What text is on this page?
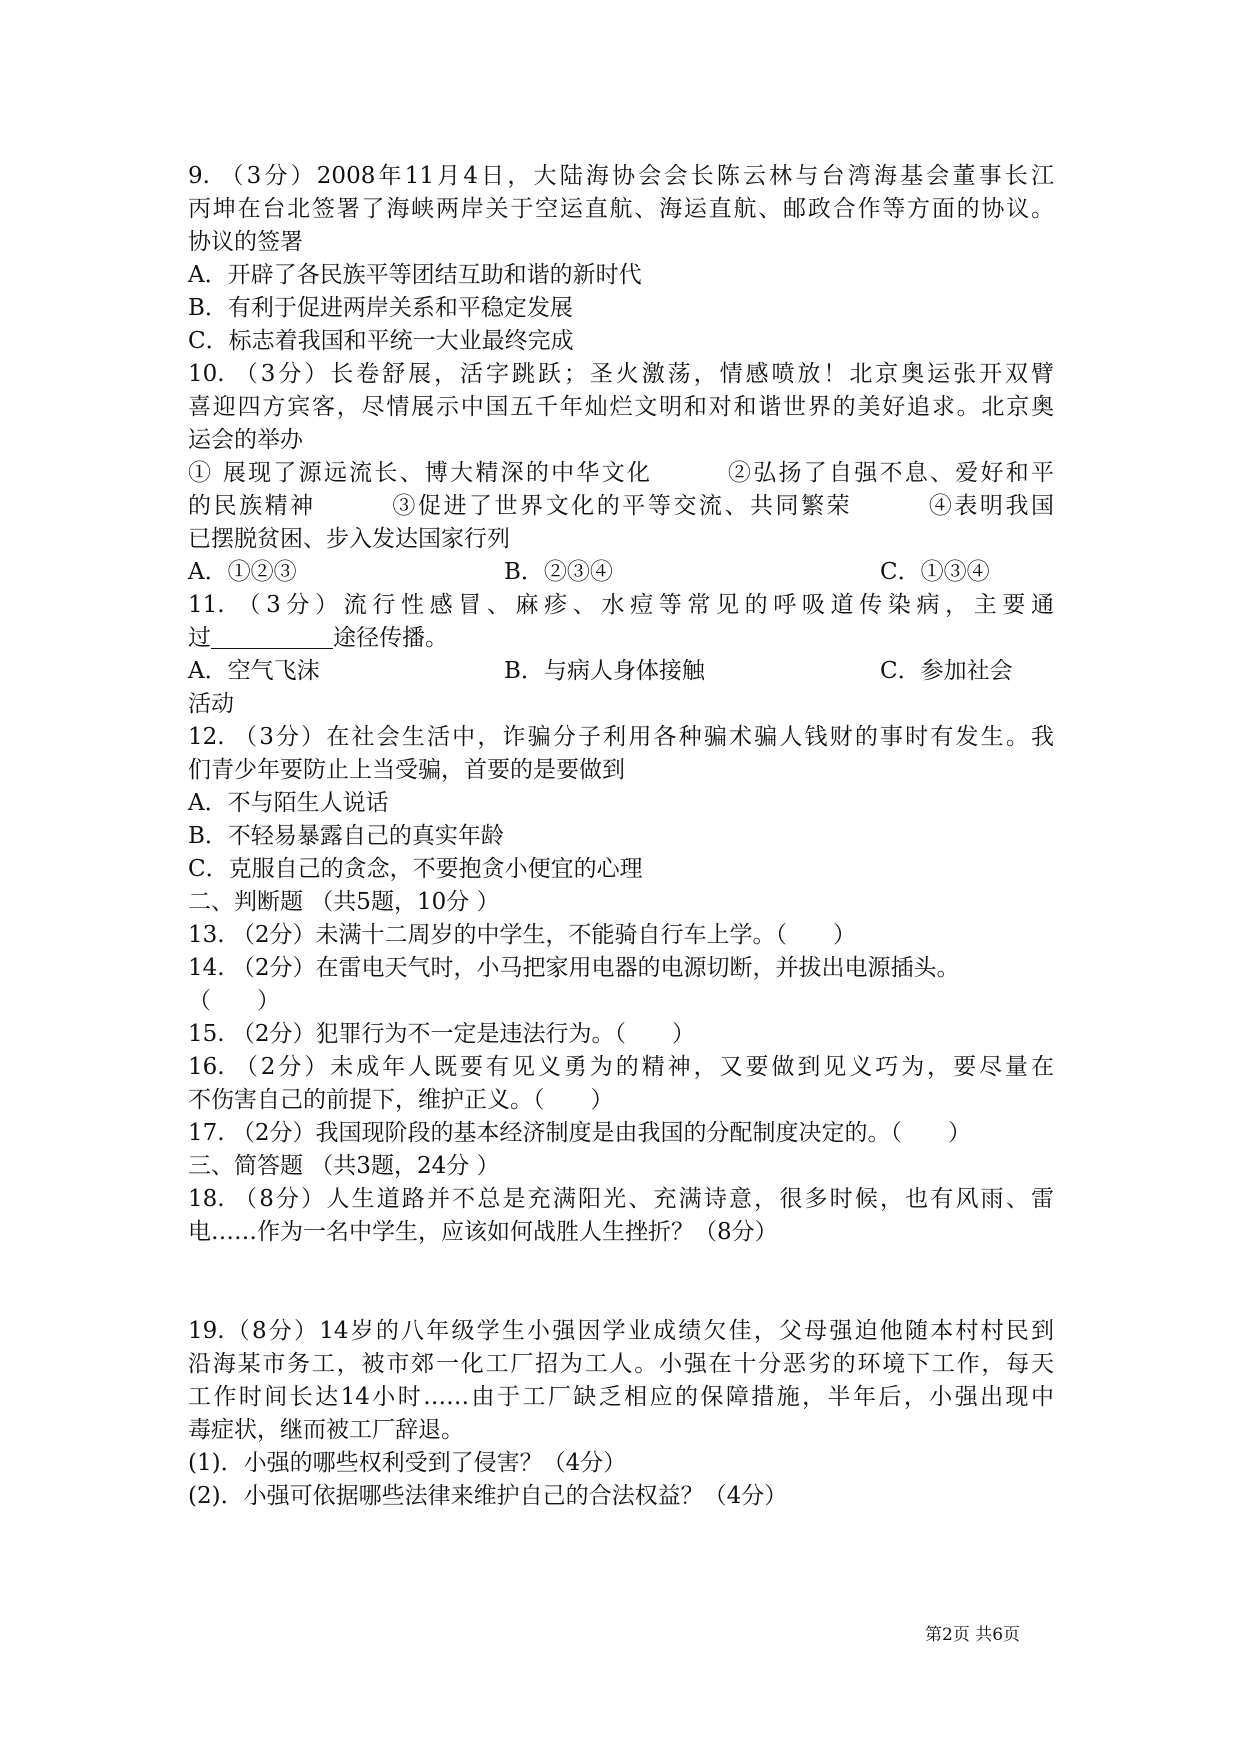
9. （3分）2008年11月4日，大陆海协会会长陈云林与台湾海基会董事长江
丙坤在台北签署了海峡两岸关于空运直航、海运直航、邮政合作等方面的协议。
协议的签署
A．开辟了各民族平等团结互助和谐的新时代
B．有利于促进两岸关系和平稳定发展
C．标志着我国和平统一大业最终完成
10. （3分）长卷舒展，活字跳跃；圣火激荡，情感喷放！北京奥运张开双臂
喜迎四方宾客，尽情展示中国五千年灿烂文明和对和谐世界的美好追求。北京奥
运会的举办
① 展现了源远流长、博大精深的中华文化　　　②弘扬了自强不息、爱好和平
的民族精神　　　③促进了世界文化的平等交流、共同繁荣　　　④表明我国
已摆脱贫困、步入发达国家行列
A．①②③	B．②③④	C．①③④
11. （3分）流行性感冒、麻疹、水痘等常见的呼吸道传染病，主要通
过	途径传播。
A．空气飞沫	B．与病人身体接触	C．参加社会
活动
12. （3分）在社会生活中，诈骗分子利用各种骗术骗人钱财的事时有发生。我
们青少年要防止上当受骗，首要的是要做到
A．不与陌生人说话
B．不轻易暴露自己的真实年龄
C．克服自己的贪念，不要抱贪小便宜的心理
二、判断题 （共5题，10分 ）
13. （2分）未满十二周岁的中学生，不能骑自行车上学。（　　）
14. （2分）在雷电天气时，小马把家用电器的电源切断，并拔出电源插头。
（　　）
15. （2分）犯罪行为不一定是违法行为。（　　）
16. （2分）未成年人既要有见义勇为的精神，又要做到见义巧为，要尽量在
不伤害自己的前提下，维护正义。（　　）
17. （2分）我国现阶段的基本经济制度是由我国的分配制度决定的。（　　）
三、简答题 （共3题，24分 ）
18. （8分）人生道路并不总是充满阳光、充满诗意，很多时候，也有风雨、雷
电……作为一名中学生，应该如何战胜人生挫折？（8分）
19.（8分）14岁的八年级学生小强因学业成绩欠佳，父母强迫他随本村村民到
沿海某市务工，被市郊一化工厂招为工人。小强在十分恶劣的环境下工作，每天
工作时间长达14小时……由于工厂缺乏相应的保障措施，半年后，小强出现中
毒症状，继而被工厂辞退。
(1)．小强的哪些权利受到了侵害？（4分）
(2)．小强可依据哪些法律来维护自己的合法权益？（4分）
第2页 共6页
